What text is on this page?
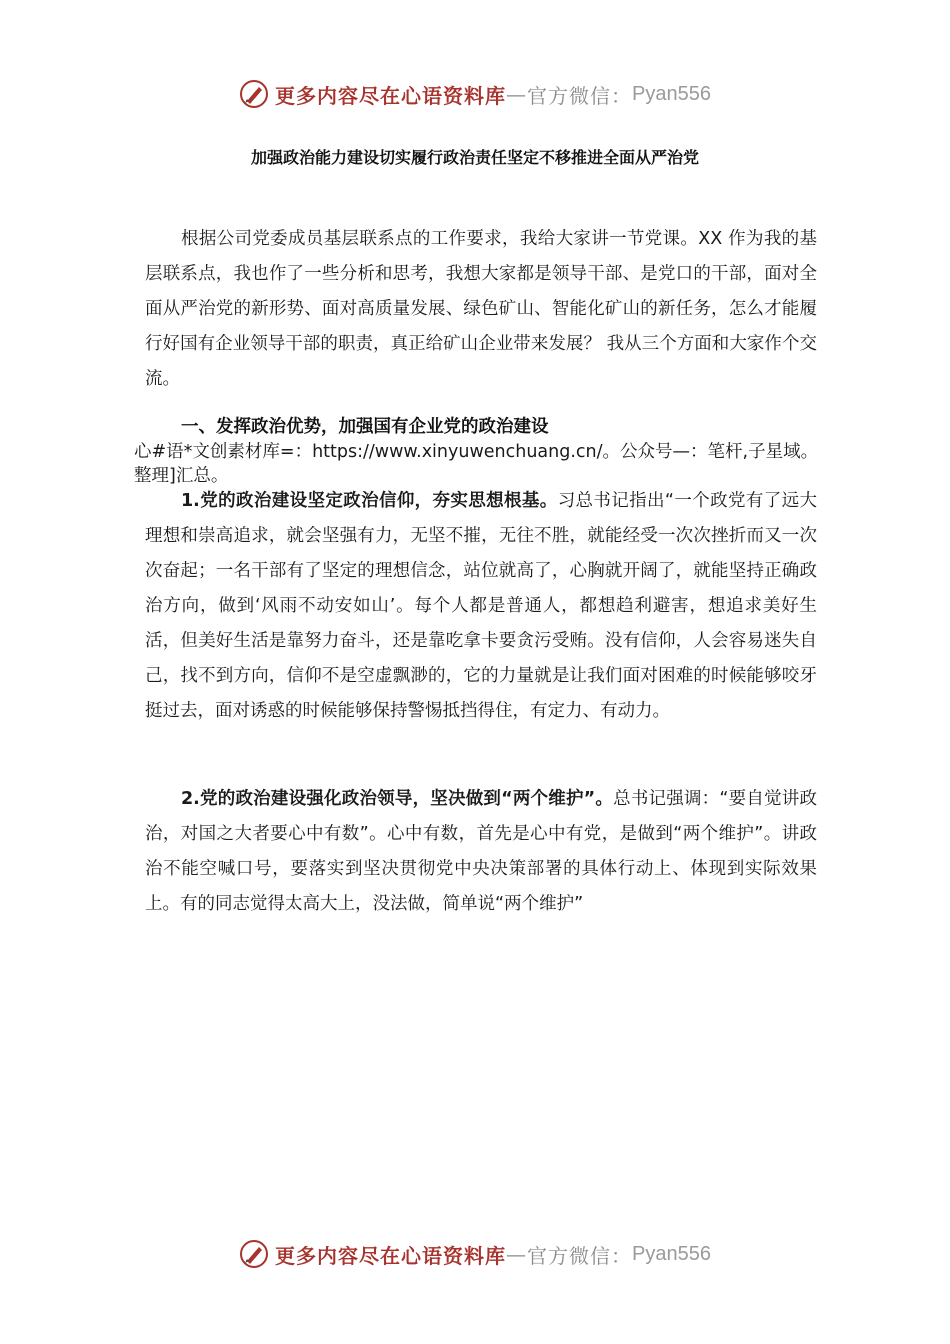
更多内容尽在心语资料库 — 官方微信： Pyan556
加强政治能力建设切实履行政治责任坚定不移推进全面从严治党
根据公司党委成员基层联系点的工作要求，我给大家讲一节党课。XX 作为我的基层联系点，我也作了一些分析和思考，我想大家都是领导干部、是党口的干部，面对全面从严治党的新形势、面对高质量发展、绿色矿山、智能化矿山的新任务，怎么才能履行好国有企业领导干部的职责，真正给矿山企业带来发展？ 我从三个方面和大家作个交流。
一、发挥政治优势，加强国有企业党的政治建设
心#语*文创素材库=：https://www.xinyuwenchuang.cn/。公众号—：笔杆,子星域。整理]汇总。
1.党的政治建设坚定政治信仰，夯实思想根基。习总书记指出“一个政党有了远大理想和崇高追求，就会坚强有力，无坚不摧，无往不胜，就能经受一次次挫折而又一次次奋起；一名干部有了坚定的理想信念，站位就高了，心胸就开阔了，就能坚持正确政治方向，做到‘风雨不动安如山’。每个人都是普通人，都想趋利避害，想追求美好生活，但美好生活是靠努力奋斗，还是靠吃拿卡要贪污受贿。没有信仰，人会容易迷失自己，找不到方向，信仰不是空虚飘渺的，它的力量就是让我们面对困难的时候能够咬牙挺过去，面对诱惑的时候能够保持警惕抵挡得住，有定力、有动力。
2.党的政治建设强化政治领导，坚决做到“两个维护”。总书记强调：“要自觉讲政治，对国之大者要心中有数”。心中有数，首先是心中有党，是做到“两个维护”。讲政治不能空喊口号，要落实到坚决贯彻党中央决策部署的具体行动上、体现到实际效果上。有的同志觉得太高大上，没法做，简单说“两个维护”
更多内容尽在心语资料库 — 官方微信： Pyan556
